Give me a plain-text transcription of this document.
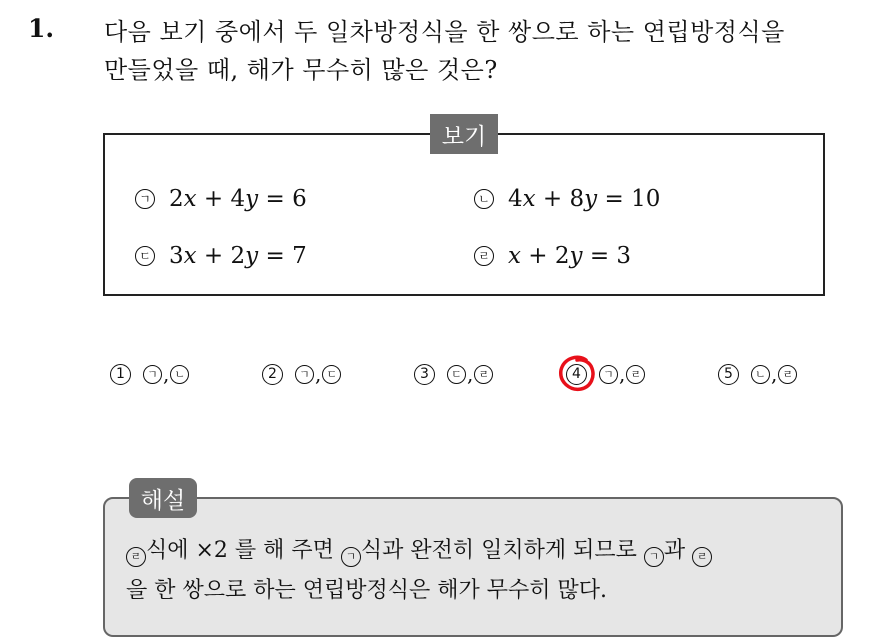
1. 다음 보기 중에서 두 일차방정식을 한 쌍으로 하는 연립방정식을
만들었을 때, 해가 무수히 많은 것은?
보기
ㄱ 2x + 4y = 6	ㄴ 4x + 8y = 10
ㄷ 3x + 2y = 7	ㄹ x + 2y = 3
1	ㄱ , ㄴ	2	ㄱ , ㄷ	3	ㄷ , ㄹ	4	ㄱ , ㄹ	5	ㄴ , ㄹ
해설
ㄹ 식에 ×2 를 해 주면 ㄱ 식과 완전히 일치하게 되므로 ㄱ 과 ㄹ
을 한 쌍으로 하는 연립방정식은 해가 무수히 많다.
